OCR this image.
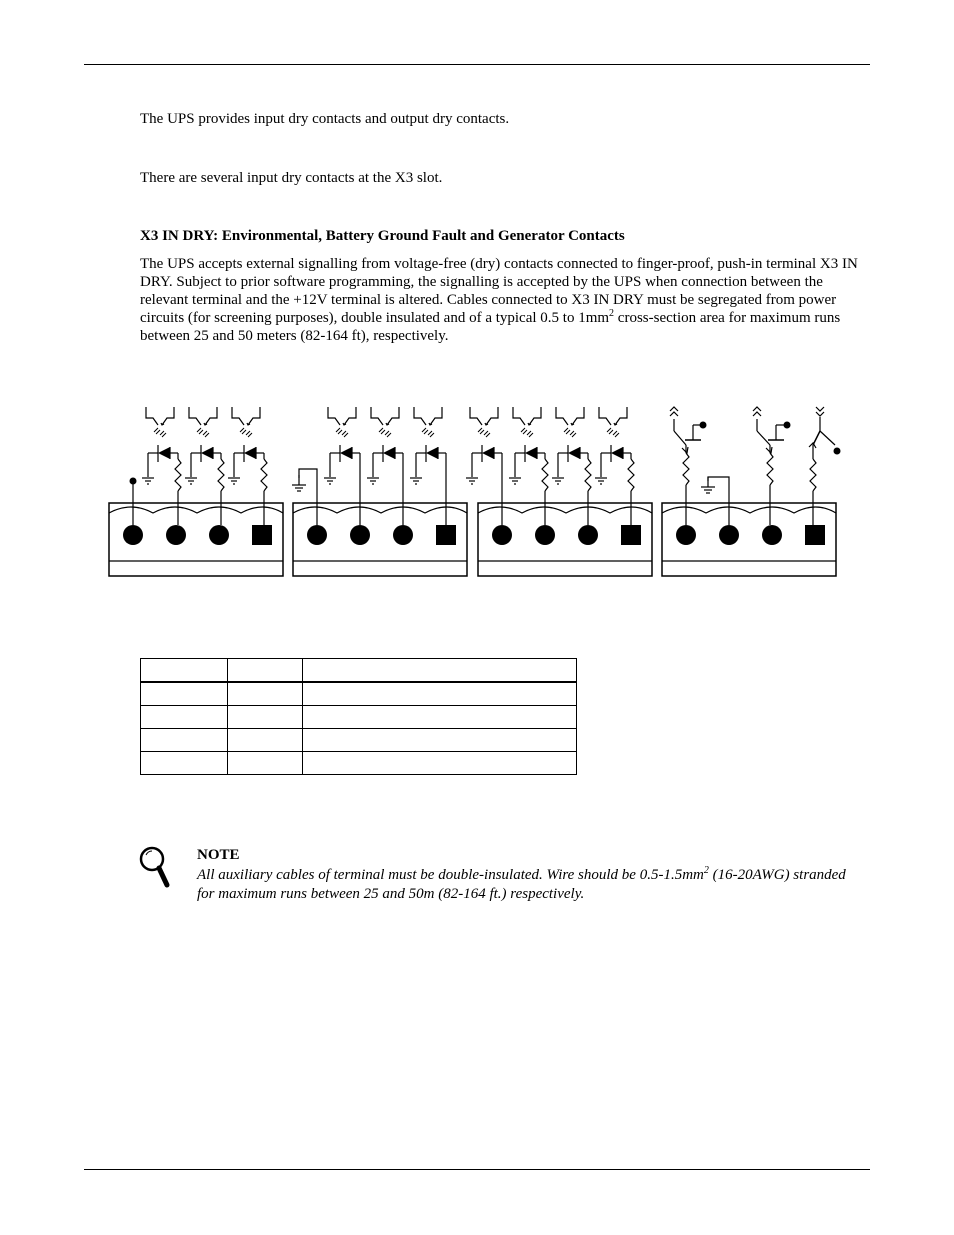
The UPS provides input dry contacts and output dry contacts.

There are several input dry contacts at the X3 slot.

X3 IN DRY: Environmental, Battery Ground Fault and Generator Contacts

The UPS accepts external signalling from voltage-free (dry) contacts connected to finger-proof, push-in terminal X3 IN DRY. Subject to prior software programming, the signalling is accepted by the UPS when connection between the relevant terminal and the +12V terminal is altered. Cables connected to X3 IN DRY must be segregated from power circuits (for screening purposes), double insulated and of a typical 0.5 to $1mm^2$ cross-section area for maximum runs between 25 and 50 meters (82-164 ft), respectively.

NOTE

All auxiliary cables of terminal must be double-insulated. Wire should be $0.5-1.5mm^2$ (16-20AWG) stranded for maximum runs between 25 and 50m (82-164 ft.) respectively.
